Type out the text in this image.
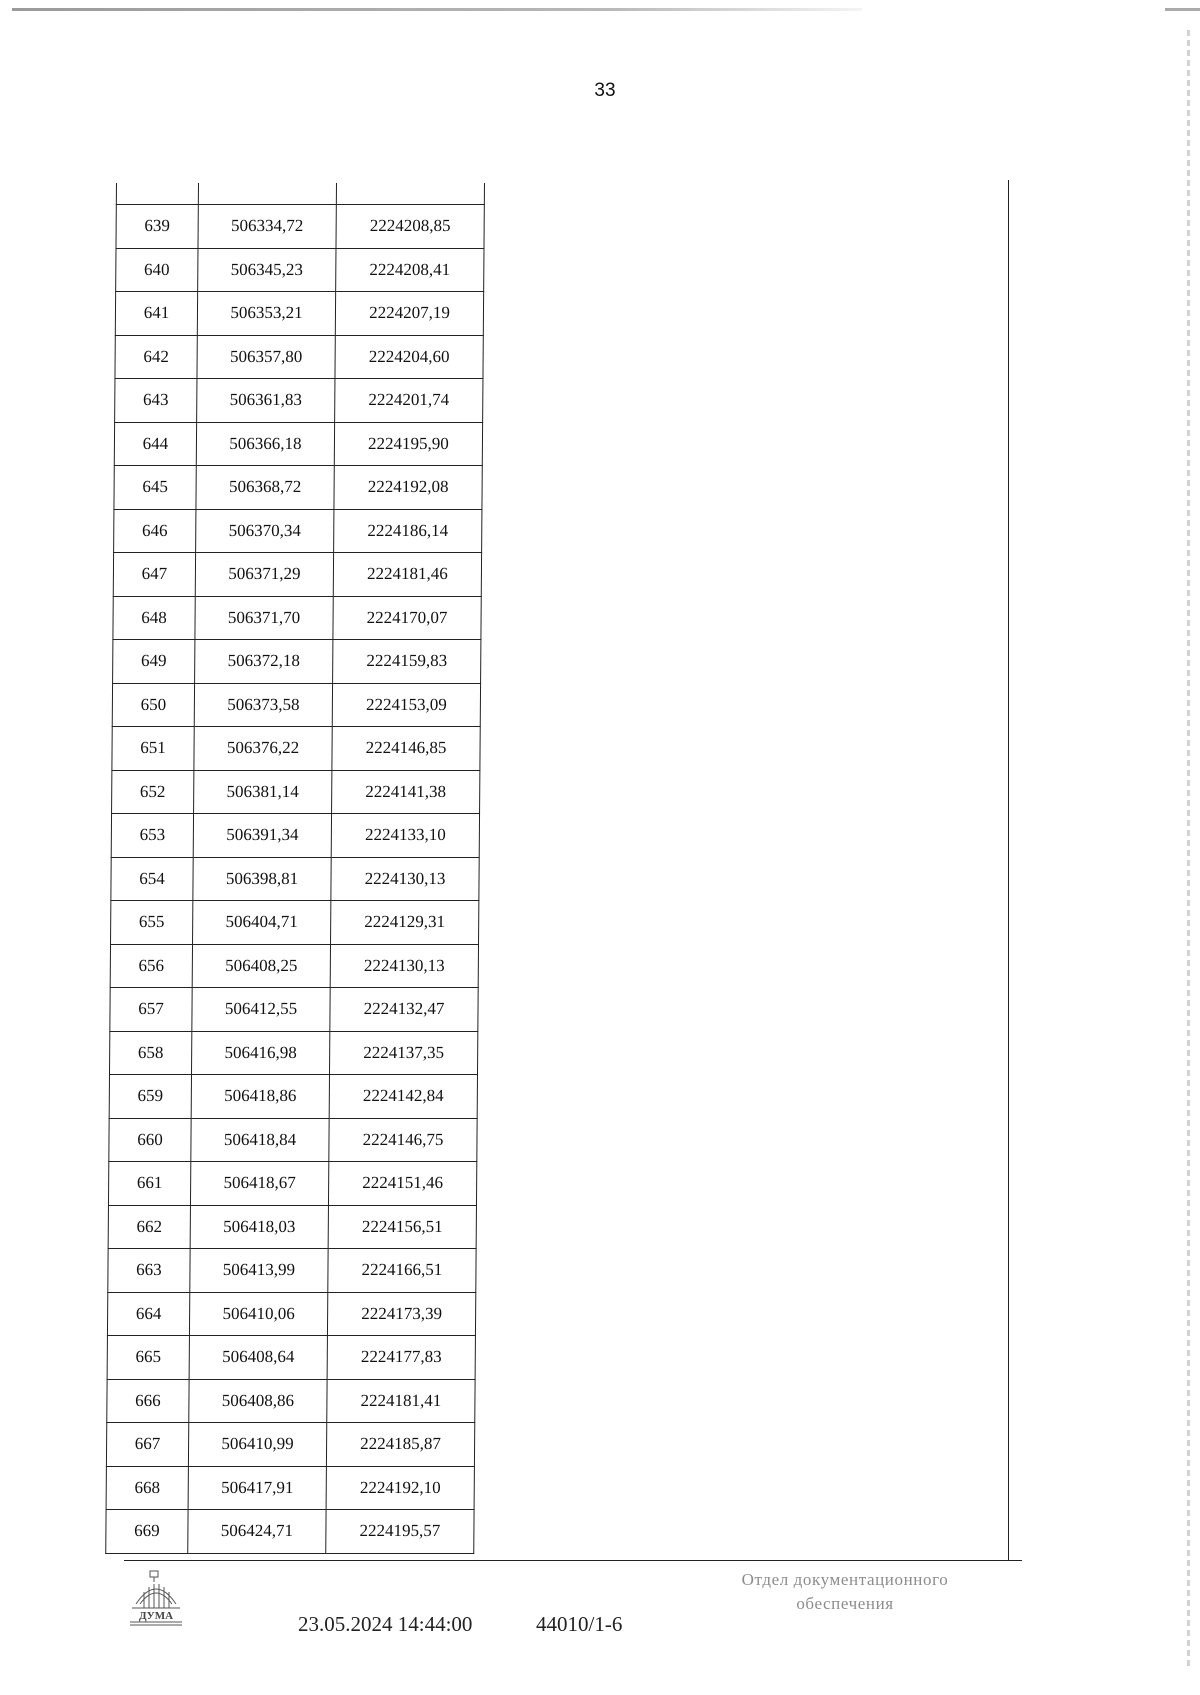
33

639	506334,72	2224208,85
640	506345,23	2224208,41
641	506353,21	2224207,19
642	506357,80	2224204,60
643	506361,83	2224201,74
644	506366,18	2224195,90
645	506368,72	2224192,08
646	506370,34	2224186,14
647	506371,29	2224181,46
648	506371,70	2224170,07
649	506372,18	2224159,83
650	506373,58	2224153,09
651	506376,22	2224146,85
652	506381,14	2224141,38
653	506391,34	2224133,10
654	506398,81	2224130,13
655	506404,71	2224129,31
656	506408,25	2224130,13
657	506412,55	2224132,47
658	506416,98	2224137,35
659	506418,86	2224142,84
660	506418,84	2224146,75
661	506418,67	2224151,46
662	506418,03	2224156,51
663	506413,99	2224166,51
664	506410,06	2224173,39
665	506408,64	2224177,83
666	506408,86	2224181,41
667	506410,99	2224185,87
668	506417,91	2224192,10
669	506424,71	2224195,57
ДУМА	23.05.2024 14:44:00	44010/1-6
Отдел документационного
обеспечения
